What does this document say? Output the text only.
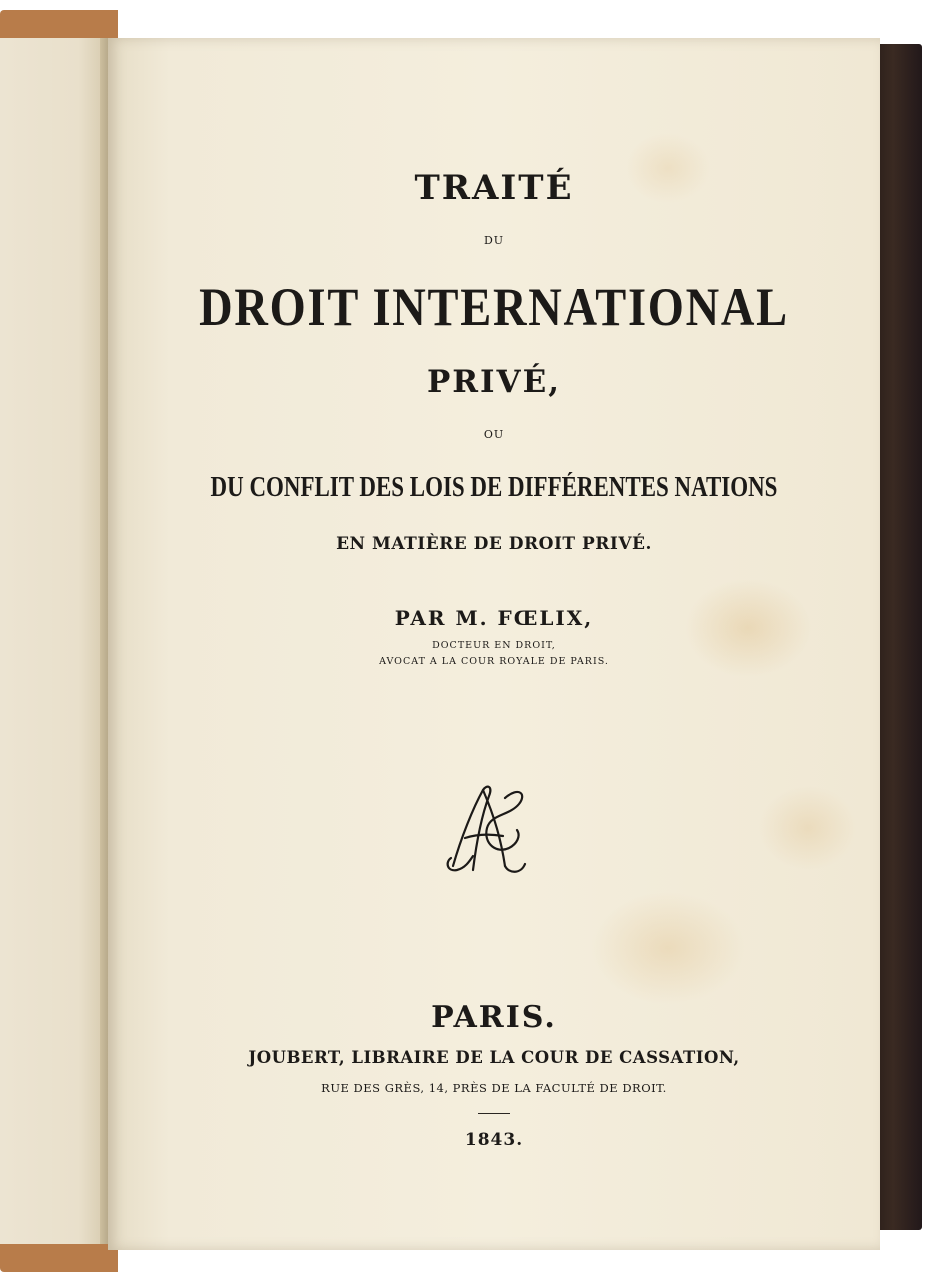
TRAITÉ

DU

DROIT INTERNATIONAL

PRIVÉ,

OU

DU CONFLIT DES LOIS DE DIFFÉRENTES NATIONS

EN MATIÈRE DE DROIT PRIVÉ.

PAR M. FŒLIX,

DOCTEUR EN DROIT,

AVOCAT A LA COUR ROYALE DE PARIS.

PARIS.

JOUBERT, LIBRAIRE DE LA COUR DE CASSATION,

RUE DES GRÈS, 14, PRÈS DE LA FACULTÉ DE DROIT.

1843.
